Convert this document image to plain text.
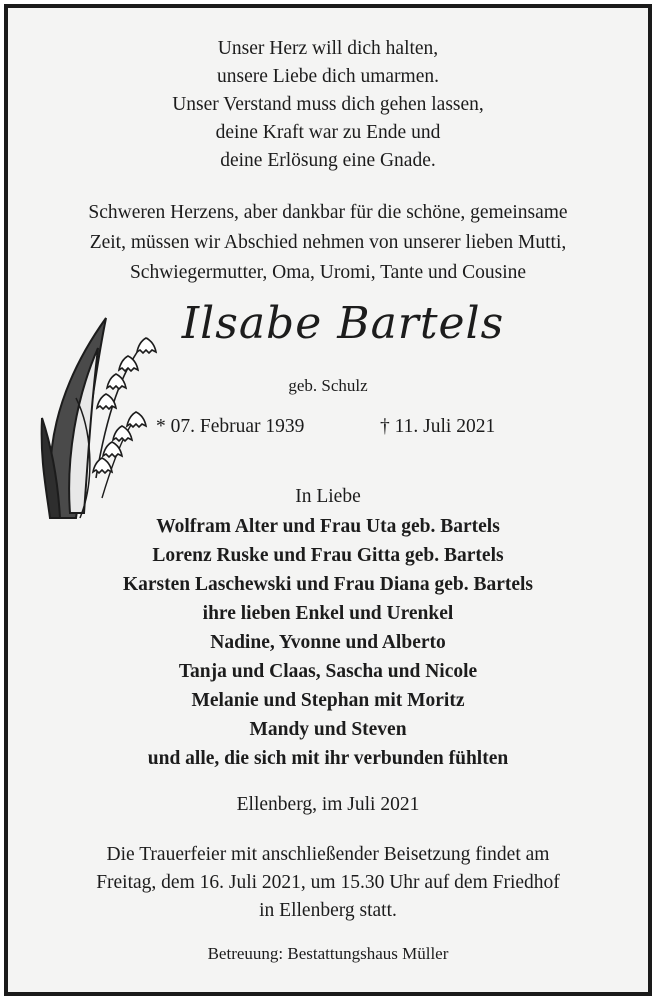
Unser Herz will dich halten,
unsere Liebe dich umarmen.
Unser Verstand muss dich gehen lassen,
deine Kraft war zu Ende und
deine Erlösung eine Gnade.
Schweren Herzens, aber dankbar für die schöne, gemeinsame
Zeit, müssen wir Abschied nehmen von unserer lieben Mutti,
Schwiegermutter, Oma, Uromi, Tante und Cousine
Ilsabe Bartels
geb. Schulz
* 07. Februar 1939	† 11. Juli 2021
In Liebe
Wolfram Alter und Frau Uta geb. Bartels
Lorenz Ruske und Frau Gitta geb. Bartels
Karsten Laschewski und Frau Diana geb. Bartels
ihre lieben Enkel und Urenkel
Nadine, Yvonne und Alberto
Tanja und Claas, Sascha und Nicole
Melanie und Stephan mit Moritz
Mandy und Steven
und alle, die sich mit ihr verbunden fühlten
Ellenberg, im Juli 2021
Die Trauerfeier mit anschließender Beisetzung findet am
Freitag, dem 16. Juli 2021, um 15.30 Uhr auf dem Friedhof
in Ellenberg statt.
Betreuung: Bestattungshaus Müller
